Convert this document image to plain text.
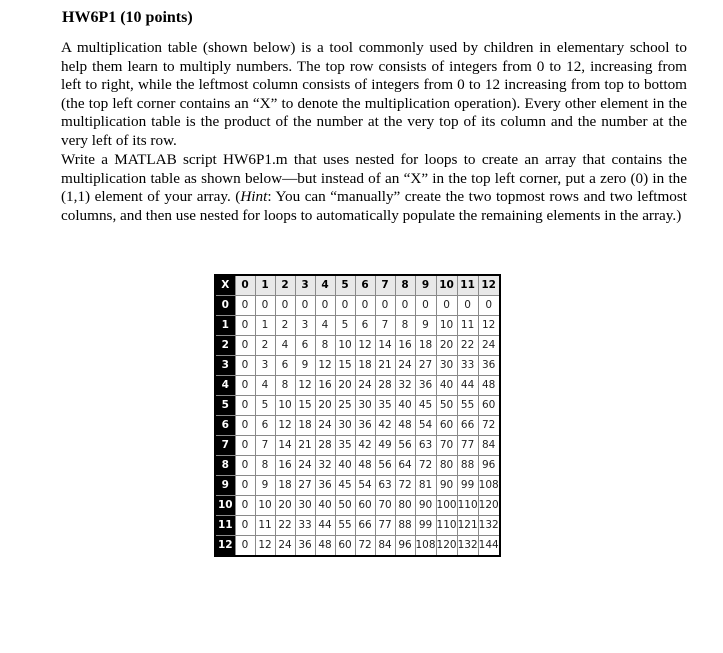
HW6P1 (10 points)

A multiplication table (shown below) is a tool commonly used by children in elementary school to help them learn to multiply numbers. The top row consists of integers from 0 to 12, increasing from left to right, while the leftmost column consists of integers from 0 to 12 increasing from top to bottom (the top left corner contains an “X” to denote the multiplication operation). Every other element in the multiplication table is the product of the number at the very top of its column and the number at the very left of its row.

Write a MATLAB script HW6P1.m that uses nested for loops to create an array that contains the multiplication table as shown below—but instead of an “X” in the top left corner, put a zero (0) in the (1,1) element of your array. (Hint: You can “manually” create the two topmost rows and two leftmost columns, and then use nested for loops to automatically populate the remaining elements in the array.)

X	0	1	2	3	4	5	6	7	8	9	10	11	12
0	0	0	0	0	0	0	0	0	0	0	0	0	0
1	0	1	2	3	4	5	6	7	8	9	10	11	12
2	0	2	4	6	8	10	12	14	16	18	20	22	24
3	0	3	6	9	12	15	18	21	24	27	30	33	36
4	0	4	8	12	16	20	24	28	32	36	40	44	48
5	0	5	10	15	20	25	30	35	40	45	50	55	60
6	0	6	12	18	24	30	36	42	48	54	60	66	72
7	0	7	14	21	28	35	42	49	56	63	70	77	84
8	0	8	16	24	32	40	48	56	64	72	80	88	96
9	0	9	18	27	36	45	54	63	72	81	90	99	108
10	0	10	20	30	40	50	60	70	80	90	100	110	120
11	0	11	22	33	44	55	66	77	88	99	110	121	132
12	0	12	24	36	48	60	72	84	96	108	120	132	144
